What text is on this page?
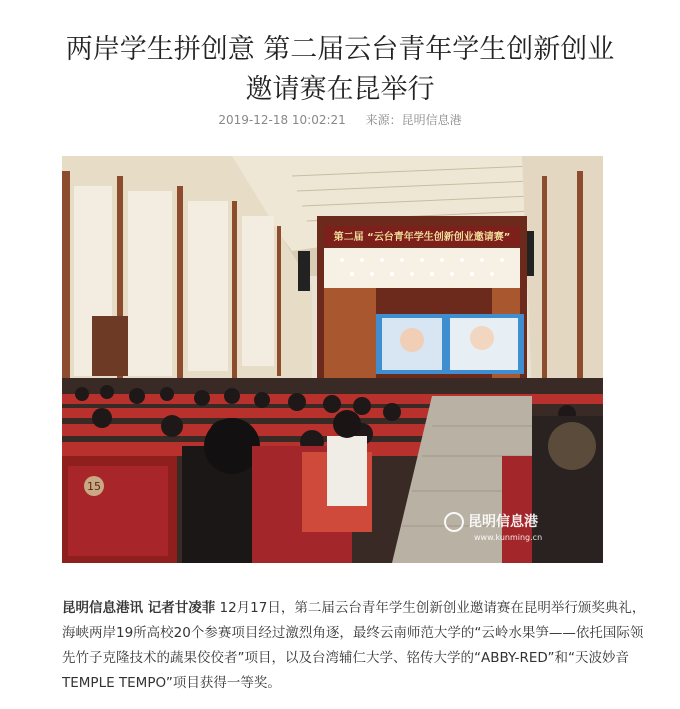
两岸学生拼创意 第二届云台青年学生创新创业
邀请赛在昆举行
2019-12-18 10:02:21 来源：昆明信息港
第二届 “云台青年学生创新创业邀请赛”
15
昆明信息港
www.kunming.cn

昆明信息港讯 记者甘凌菲 12月17日，第二届云台青年学生创新创业邀请赛在昆明举行颁奖典礼，海峡两岸19所高校20个参赛项目经过激烈角逐，最终云南师范大学的“云岭水果笋——依托国际领先竹子克隆技术的蔬果佼佼者”项目，以及台湾辅仁大学、铭传大学的“ABBY-RED”和“天波妙音TEMPLE TEMPO”项目获得一等奖。
